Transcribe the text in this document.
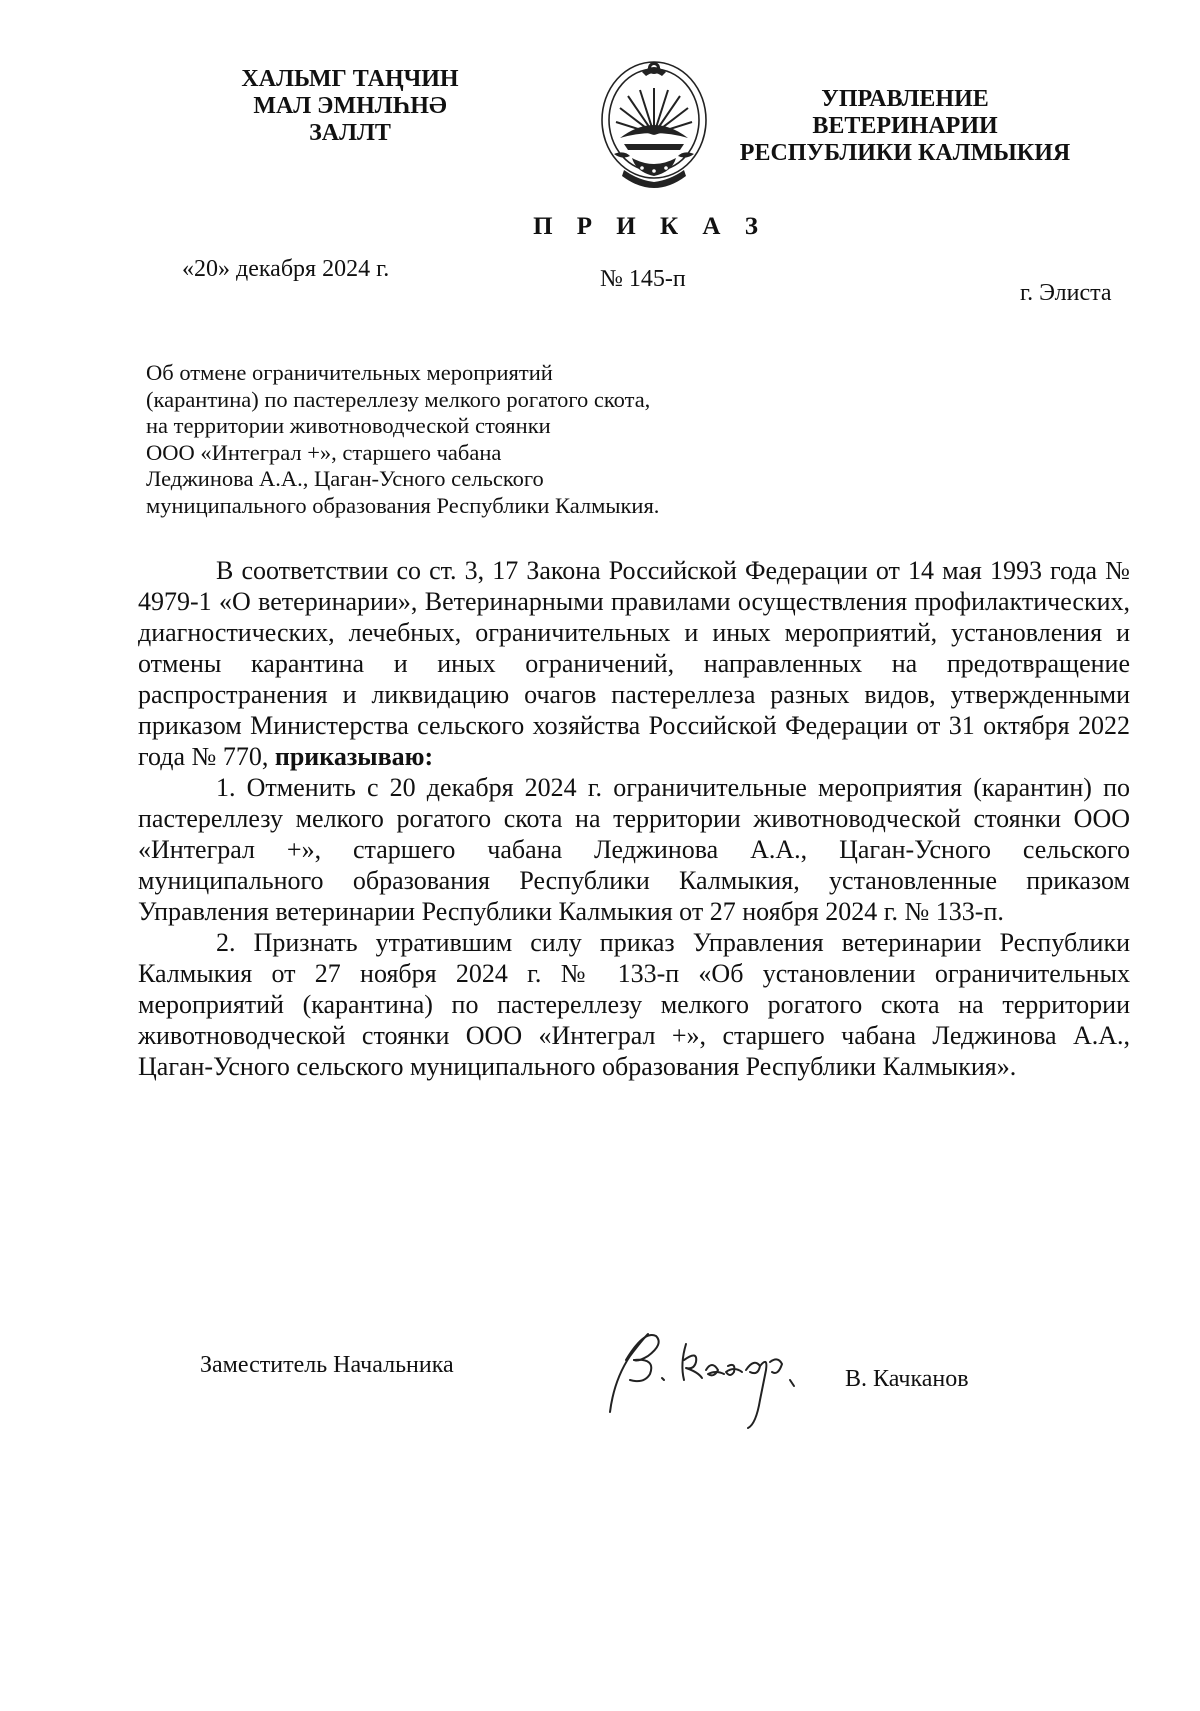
ХАЛЬМГ ТАҢЧИН
МАЛ ЭМНЛҺНӘ
ЗАЛЛТ
УПРАВЛЕНИЕ
ВЕТЕРИНАРИИ
РЕСПУБЛИКИ КАЛМЫКИЯ
П Р И К А З
«20» декабря 2024 г.	№ 145-п
г. Элиста
Об отмене ограничительных мероприятий
(карантина) по пастереллезу мелкого рогатого скота,
на территории животноводческой стоянки
ООО «Интеграл +», старшего чабана
Леджинова А.А., Цаган-Усного сельского
муниципального образования Республики Калмыкия.

В соответствии со ст. 3, 17 Закона Российской Федерации от 14 мая 1993 года № 4979-1 «О ветеринарии», Ветеринарными правилами осуществления профилактических, диагностических, лечебных, ограничительных и иных мероприятий, установления и отмены карантина и иных ограничений, направленных на предотвращение распространения и ликвидацию очагов пастереллеза разных видов, утвержденными приказом Министерства сельского хозяйства Российской Федерации от 31 октября 2022 года № 770, приказываю:

1. Отменить с 20 декабря 2024 г. ограничительные мероприятия (карантин) по пастереллезу мелкого рогатого скота на территории животноводческой стоянки ООО «Интеграл +», старшего чабана Леджинова А.А., Цаган-Усного сельского муниципального образования Республики Калмыкия, установленные приказом Управления ветеринарии Республики Калмыкия от 27 ноября 2024 г. № 133-п.

2. Признать утратившим силу приказ Управления ветеринарии Республики Калмыкия от 27 ноября 2024 г. № 133-п «Об установлении ограничительных мероприятий (карантина) по пастереллезу мелкого рогатого скота на территории животноводческой стоянки ООО «Интеграл +», старшего чабана Леджинова А.А., Цаган-Усного сельского муниципального образования Республики Калмыкия».

Заместитель Начальника
В. Качканов
